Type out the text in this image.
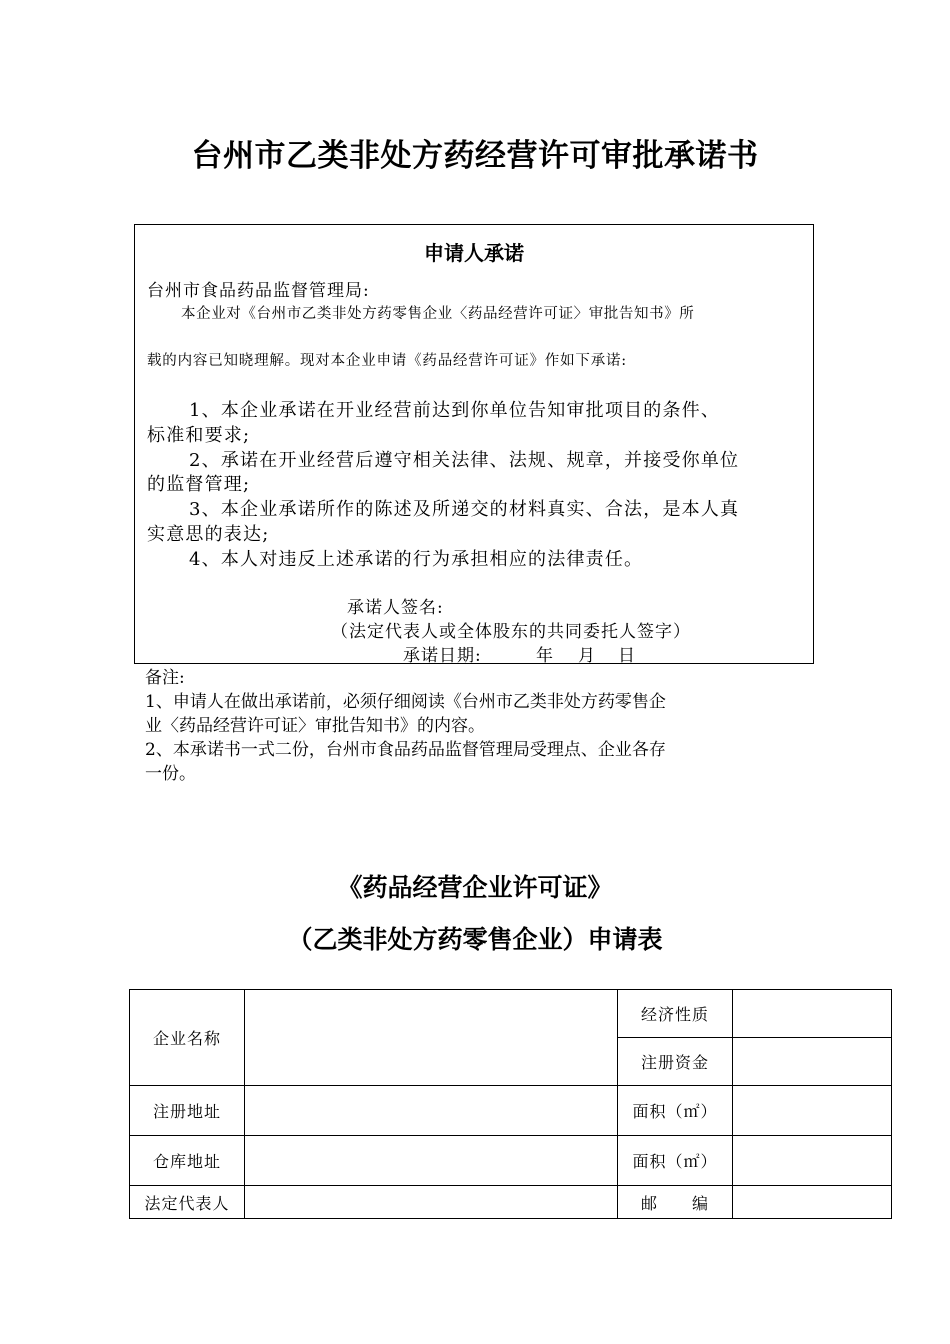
台州市乙类非处方药经营许可审批承诺书
申请人承诺
台州市食品药品监督管理局:
本企业对《台州市乙类非处方药零售企业〈药品经营许可证〉审批告知书》所
载的内容已知晓理解。现对本企业申请《药品经营许可证》作如下承诺:
1、本企业承诺在开业经营前达到你单位告知审批项目的条件、
标准和要求;
2、承诺在开业经营后遵守相关法律、法规、规章，并接受你单位
的监督管理;
3、本企业承诺所作的陈述及所递交的材料真实、合法，是本人真
实意思的表达;
4、本人对违反上述承诺的行为承担相应的法律责任。
承诺人签名:
（法定代表人或全体股东的共同委托人签字）
承诺日期:	年 月 日
备注:
1、申请人在做出承诺前，必须仔细阅读《台州市乙类非处方药零售企
业〈药品经营许可证〉审批告知书》的内容。
2、本承诺书一式二份，台州市食品药品监督管理局受理点、企业各存
一份。
《药品经营企业许可证》
（乙类非处方药零售企业）申请表
企业名称		经济性质	
		注册资金	
注册地址		面积（㎡）	
仓库地址		面积（㎡）	
法定代表人		邮　　编	
